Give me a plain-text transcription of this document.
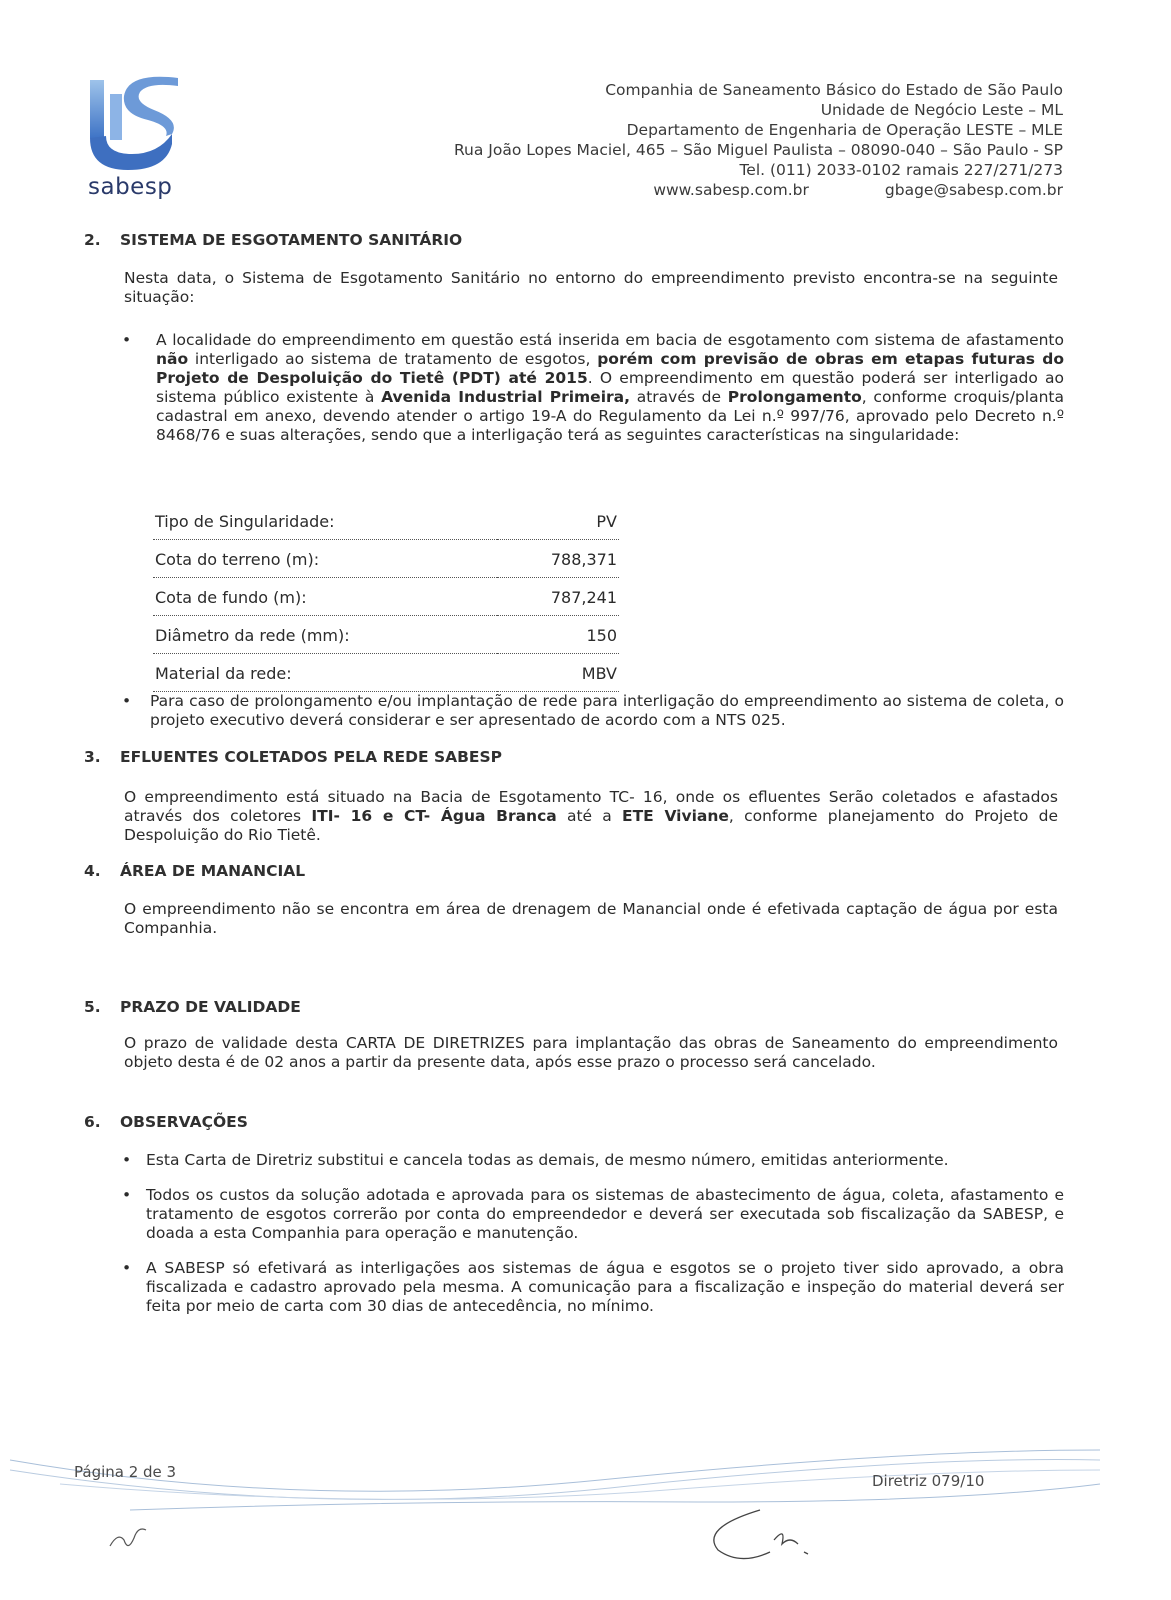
sabesp
Companhia de Saneamento Básico do Estado de São Paulo
Unidade de Negócio Leste – ML
Departamento de Engenharia de Operação LESTE – MLE
Rua João Lopes Maciel, 465 – São Miguel Paulista – 08090-040 – São Paulo - SP
Tel. (011) 2033-0102 ramais 227/271/273
www.sabesp.com.br	gbage@sabesp.com.br
2. SISTEMA DE ESGOTAMENTO SANITÁRIO
Nesta data, o Sistema de Esgotamento Sanitário no entorno do empreendimento previsto encontra-se na seguinte situação:
• A localidade do empreendimento em questão está inserida em bacia de esgotamento com sistema de afastamento não interligado ao sistema de tratamento de esgotos, porém com previsão de obras em etapas futuras do Projeto de Despoluição do Tietê (PDT) até 2015. O empreendimento em questão poderá ser interligado ao sistema público existente à Avenida Industrial Primeira, através de Prolongamento, conforme croquis/planta cadastral em anexo, devendo atender o artigo 19-A do Regulamento da Lei n.º 997/76, aprovado pelo Decreto n.º 8468/76 e suas alterações, sendo que a interligação terá as seguintes características na singularidade:
Tipo de Singularidade:	PV
Cota do terreno (m):	788,371
Cota de fundo (m):	787,241
Diâmetro da rede (mm):	150
Material da rede:	MBV
• Para caso de prolongamento e/ou implantação de rede para interligação do empreendimento ao sistema de coleta, o projeto executivo deverá considerar e ser apresentado de acordo com a NTS 025.
3. EFLUENTES COLETADOS PELA REDE SABESP
O empreendimento está situado na Bacia de Esgotamento TC- 16, onde os efluentes Serão coletados e afastados através dos coletores ITI- 16 e CT- Água Branca até a ETE Viviane, conforme planejamento do Projeto de Despoluição do Rio Tietê.
4. ÁREA DE MANANCIAL
O empreendimento não se encontra em área de drenagem de Manancial onde é efetivada captação de água por esta Companhia.
5. PRAZO DE VALIDADE
O prazo de validade desta CARTA DE DIRETRIZES para implantação das obras de Saneamento do empreendimento objeto desta é de 02 anos a partir da presente data, após esse prazo o processo será cancelado.
6. OBSERVAÇÕES
• Esta Carta de Diretriz substitui e cancela todas as demais, de mesmo número, emitidas anteriormente.
• Todos os custos da solução adotada e aprovada para os sistemas de abastecimento de água, coleta, afastamento e tratamento de esgotos correrão por conta do empreendedor e deverá ser executada sob fiscalização da SABESP, e doada a esta Companhia para operação e manutenção.
• A SABESP só efetivará as interligações aos sistemas de água e esgotos se o projeto tiver sido aprovado, a obra fiscalizada e cadastro aprovado pela mesma. A comunicação para a fiscalização e inspeção do material deverá ser feita por meio de carta com 30 dias de antecedência, no mínimo.
Página 2 de 3	Diretriz 079/10
